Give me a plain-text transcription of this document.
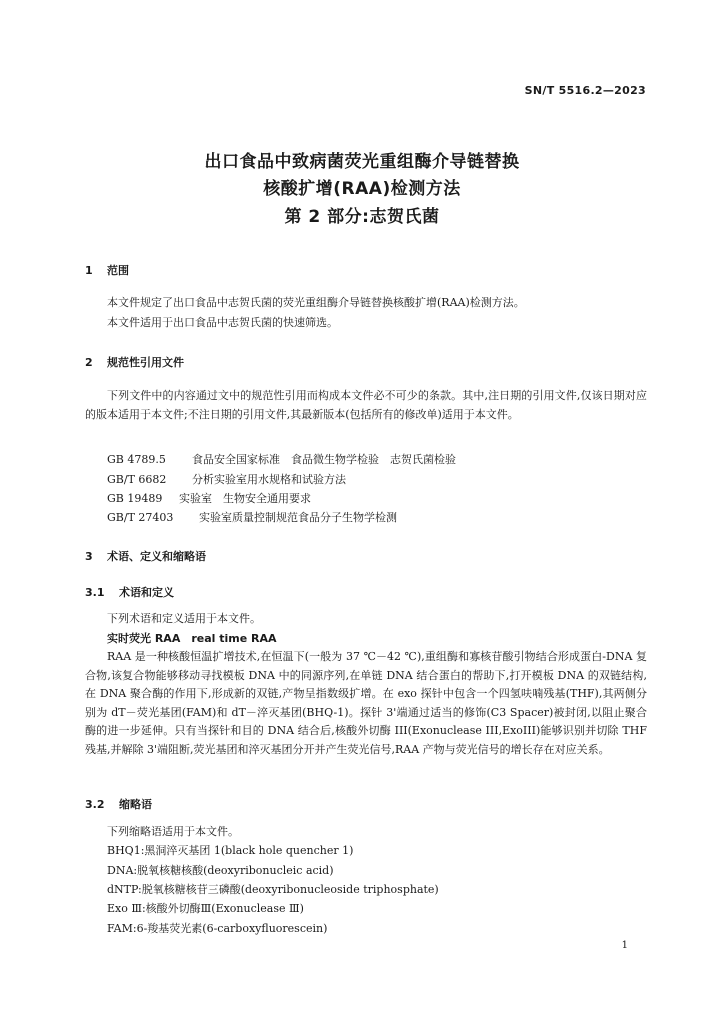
SN/T 5516.2—2023
出口食品中致病菌荧光重组酶介导链替换
核酸扩增(RAA)检测方法
第 2 部分:志贺氏菌
1 范围
本文件规定了出口食品中志贺氏菌的荧光重组酶介导链替换核酸扩增(RAA)检测方法。
本文件适用于出口食品中志贺氏菌的快速筛选。
2 规范性引用文件
下列文件中的内容通过文中的规范性引用而构成本文件必不可少的条款。其中,注日期的引用文件,仅该日期对应的版本适用于本文件;不注日期的引用文件,其最新版本(包括所有的修改单)适用于本文件。
GB 4789.5 食品安全国家标准　食品微生物学检验　志贺氏菌检验
GB/T 6682 分析实验室用水规格和试验方法
GB 19489 实验室　生物安全通用要求
GB/T 27403 实验室质量控制规范食品分子生物学检测
3 术语、定义和缩略语
3.1 术语和定义
下列术语和定义适用于本文件。
实时荧光 RAA　real time RAA
RAA 是一种核酸恒温扩增技术,在恒温下(一般为 37 ℃－42 ℃),重组酶和寡核苷酸引物结合形成蛋白-DNA 复合物,该复合物能够移动寻找模板 DNA 中的同源序列,在单链 DNA 结合蛋白的帮助下,打开模板 DNA 的双链结构,在 DNA 聚合酶的作用下,形成新的双链,产物呈指数级扩增。在 exo 探针中包含一个四氢呋喃残基(THF),其两侧分别为 dT－荧光基团(FAM)和 dT－淬灭基团(BHQ-1)。探针 3'端通过适当的修饰(C3 Spacer)被封闭,以阻止聚合酶的进一步延伸。只有当探针和目的 DNA 结合后,核酸外切酶 III(Exonuclease III,ExoIII)能够识别并切除 THF 残基,并解除 3'端阻断,荧光基团和淬灭基团分开并产生荧光信号,RAA 产物与荧光信号的增长存在对应关系。
3.2 缩略语
下列缩略语适用于本文件。
BHQ1:黑洞淬灭基团 1(black hole quencher 1)
DNA:脱氧核糖核酸(deoxyribonucleic acid)
dNTP:脱氧核糖核苷三磷酸(deoxyribonucleoside triphosphate)
Exo Ⅲ:核酸外切酶Ⅲ(Exonuclease Ⅲ)
FAM:6-羧基荧光素(6-carboxyfluorescein)
1
